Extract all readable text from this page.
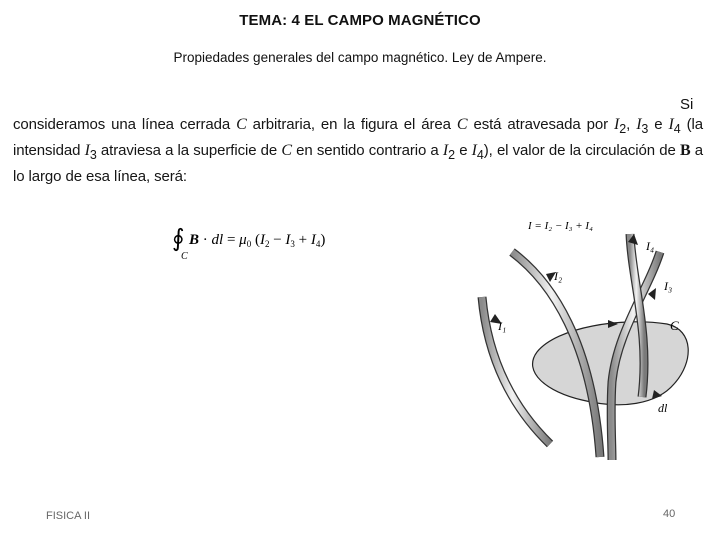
TEMA: 4 EL CAMPO MAGNÉTICO
Propiedades generales del campo magnético. Ley de Ampere.
Si
consideramos una línea cerrada C arbitraria, en la figura el área C está atravesada por $I_2$, $I_3$ e $I_4$ (la intensidad $I_3$ atraviesa a la superficie de C en sentido contrario a $I_2$ e $I_4$), el valor de la circulación de B a lo largo de esa línea, será:
∮
C
B · dl = $\mu_0$ $(I_2 - I_3 + I_4)$
I = I₂ − I₃ + I₄
I₄
I₂
I₃
I₁	C
dl
FISICA II	40
